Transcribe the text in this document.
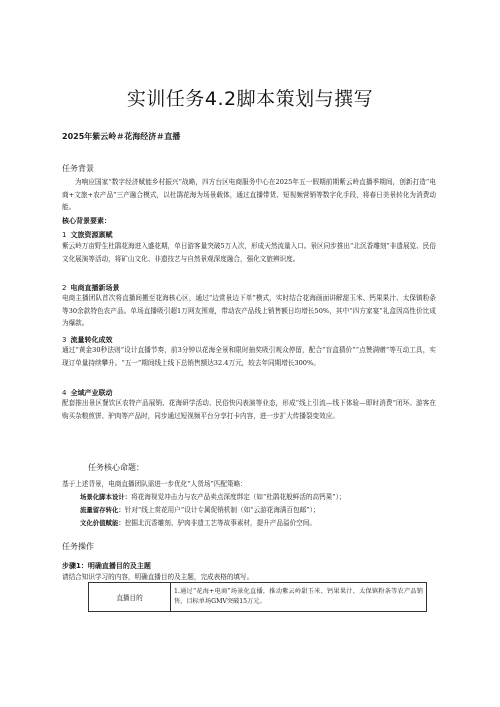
实训任务4.2脚本策划与撰写
2025年紫云岭＃花海经济＃直播
任务背景

为响应国家“数字经济赋能乡村振兴”战略，四方台区电商服务中心在2025年五一假期前期紫云岭直播季期间，创新打造“电商+文旅+农产品”三产融合模式，以杜鹃花海为场景载体，通过直播带货、短视频营销等数字化手段，将春日美景转化为消费动能。

核心背景要素：
1 文旅资源禀赋

紫云岭万亩野生杜鹃花海进入盛花期，单日游客量突破5万人次，形成天然流量入口。景区同步推出“北沉香雕刻”非遗展览、民俗文化展演等活动，将矿山文化、非遗技艺与自然景观深度融合，强化文旅辨识度。

2 电商直播新场景

电商主播团队首次将直播间搬至花海核心区，通过“边赏景边下单”模式，实时结合花海画面讲解甜玉米、钙果果汁、太保镇粉条等30余款特色农产品。单场直播吸引超1万网友围观，带动农产品线上销售额日均增长50%，其中“四方家宴”礼盒因高性价比成为爆款。

3 流量转化成效

通过“黄金30秒法则”设计直播节奏，前3分钟以花海全景和限时抽奖吸引观众停留，配合“盲盒猜价”“点赞满赠”等互动工具，实现订单量持续攀升。“五一”期间线上线下总销售额达32.4万元，较去年同期增长300%。

4 全域产业联动

配套推出景区餐饮区农特产品展销、花海研学活动、民俗快闪表演等业态，形成“线上引流—线下体验—即时消费”闭环。游客在购买杂粮煎饼、驴肉等产品时，同步通过短视频平台分享打卡内容，进一步扩大传播裂变效应。

任务核心命题：
基于上述背景，电商直播团队需进一步优化“人货场”匹配策略：
场景化脚本设计：将花海视觉冲击力与农产品卖点深度绑定（如“杜鹃花般鲜活的高钙果”）；
流量留存转化：针对“线上赏花用户”设计专属促销机制（如“云游花海满百包邮”）；
文化价值赋能：挖掘北沉香雕刻、驴肉非遗工艺等故事素材，提升产品溢价空间。
任务操作
步骤1：明确直播目的及主题
请结合知识学习的内容，明确直播目的及主题，完成表格的填写。
直播目的	1.通过“花海+电商”场景化直播，推动紫云岭甜玉米、钙果果汁、太保镇粉条等农产品销售，目标单场GMV突破15万元。
